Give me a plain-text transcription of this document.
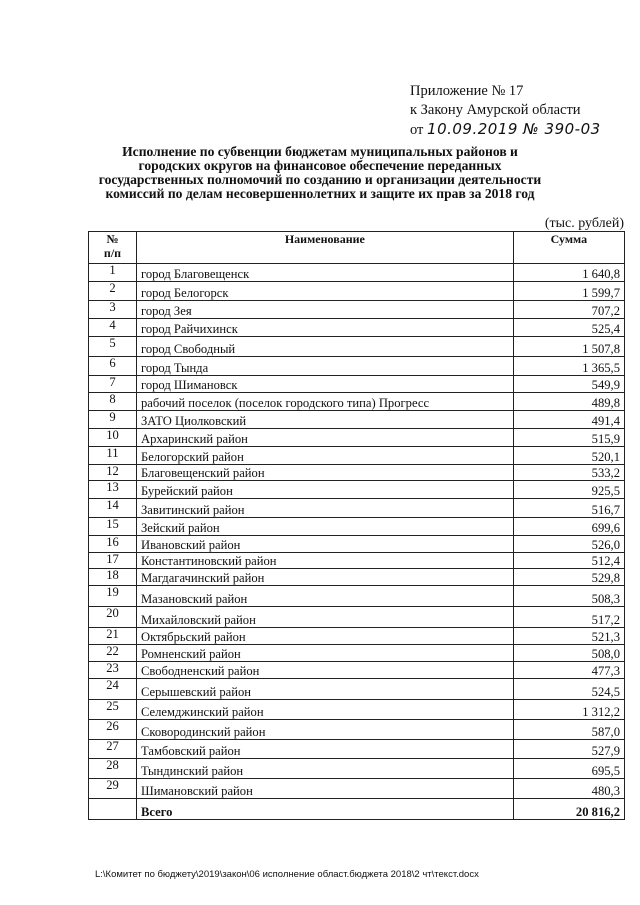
Приложение № 17
к Закону Амурской области
от 10.09.2019 № 390-03
Исполнение по субвенции бюджетам муниципальных районов и
городских округов на финансовое обеспечение переданных
государственных полномочий по созданию и организации деятельности
комиссий по делам несовершеннолетних и защите их прав за 2018 год
(тыс. рублей)
№
п/п	Наименование	Сумма
1	город Благовещенск	1 640,8
2	город Белогорск	1 599,7
3	город Зея	707,2
4	город Райчихинск	525,4
5	город Свободный	1 507,8
6	город Тында	1 365,5
7	город Шимановск	549,9
8	рабочий поселок (поселок городского типа) Прогресс	489,8
9	ЗАТО Циолковский	491,4
10	Архаринский район	515,9
11	Белогорский район	520,1
12	Благовещенский район	533,2
13	Бурейский район	925,5
14	Завитинский район	516,7
15	Зейский район	699,6
16	Ивановский район	526,0
17	Константиновский район	512,4
18	Магдагачинский район	529,8
19	Мазановский район	508,3
20	Михайловский район	517,2
21	Октябрьский район	521,3
22	Ромненский район	508,0
23	Свободненский район	477,3
24	Серышевский район	524,5
25	Селемджинский район	1 312,2
26	Сковородинский район	587,0
27	Тамбовский район	527,9
28	Тындинский район	695,5
29	Шимановский район	480,3
	Всего	20 816,2
L:\Комитет по бюджету\2019\закон\06 исполнение област.бюджета 2018\2 чт\текст.docx
